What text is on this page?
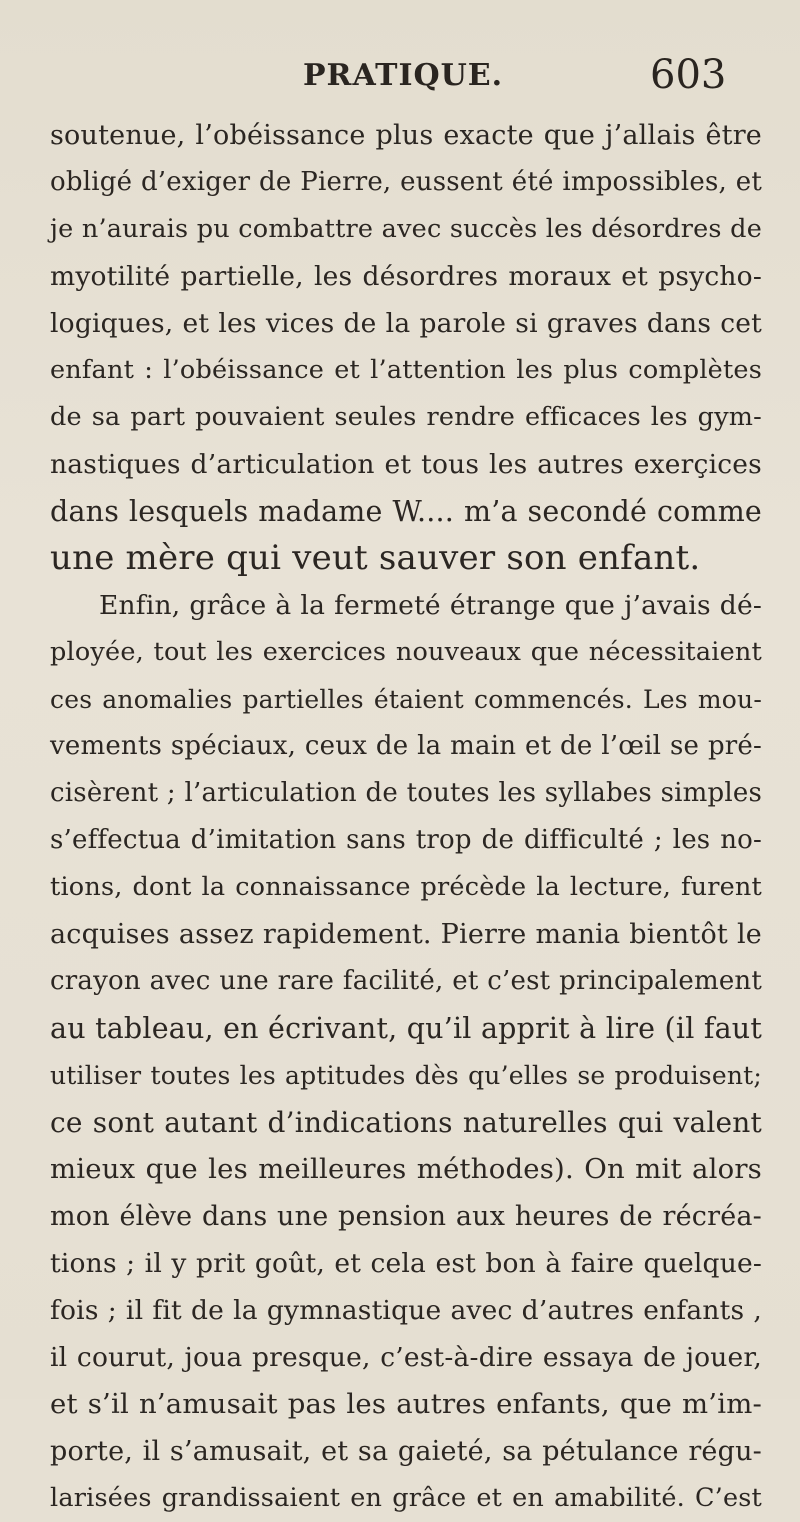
PRATIQUE.	603
soutenue, l’obéissance plus exacte que j’allais être
obligé d’exiger de Pierre, eussent été impossibles, et
je n’aurais pu combattre avec succès les désordres de
myotilité partielle, les désordres moraux et psycho-
logiques, et les vices de la parole si graves dans cet
enfant : l’obéissance et l’attention les plus complètes
de sa part pouvaient seules rendre efficaces les gym-
nastiques d’articulation et tous les autres exerçices
dans lesquels madame W.... m’a secondé comme
une mère qui veut sauver son enfant.
Enfin, grâce à la fermeté étrange que j’avais dé-
ployée, tout les exercices nouveaux que nécessitaient
ces anomalies partielles étaient commencés. Les mou-
vements spéciaux, ceux de la main et de l’œil se pré-
cisèrent ; l’articulation de toutes les syllabes simples
s’effectua d’imitation sans trop de difficulté ; les no-
tions, dont la connaissance précède la lecture, furent
acquises assez rapidement. Pierre mania bientôt le
crayon avec une rare facilité, et c’est principalement
au tableau, en écrivant, qu’il apprit à lire (il faut
utiliser toutes les aptitudes dès qu’elles se produisent;
ce sont autant d’indications naturelles qui valent
mieux que les meilleures méthodes). On mit alors
mon élève dans une pension aux heures de récréa-
tions ; il y prit goût, et cela est bon à faire quelque-
fois ; il fit de la gymnastique avec d’autres enfants ,
il courut, joua presque, c’est-à-dire essaya de jouer,
et s’il n’amusait pas les autres enfants, que m’im-
porte, il s’amusait, et sa gaieté, sa pétulance régu-
larisées grandissaient en grâce et en amabilité. C’est
